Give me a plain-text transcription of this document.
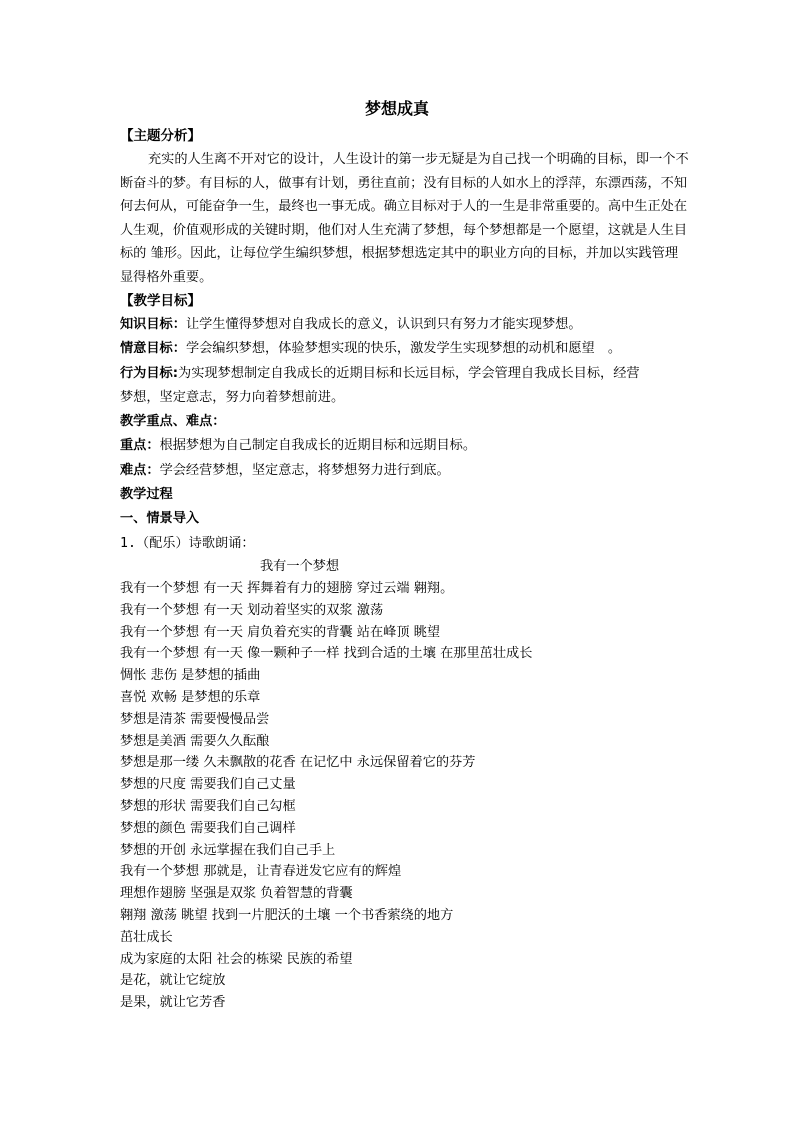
梦想成真

【主题分析】

充实的人生离不开对它的设计，人生设计的第一步无疑是为自己找一个明确的目标，即一个不断奋斗的梦。有目标的人，做事有计划，勇往直前；没有目标的人如水上的浮萍，东漂西荡，不知何去何从，可能奋争一生，最终也一事无成。确立目标对于人的一生是非常重要的。高中生正处在人生观，价值观形成的关键时期，他们对人生充满了梦想，每个梦想都是一个愿望，这就是人生目标的 雏形。因此，让每位学生编织梦想，根据梦想选定其中的职业方向的目标，并加以实践管理显得格外重要。

【教学目标】

知识目标：让学生懂得梦想对自我成长的意义，认识到只有努力才能实现梦想。

情意目标：学会编织梦想，体验梦想实现的快乐，激发学生实现梦想的动机和愿望　。

行为目标:为实现梦想制定自我成长的近期目标和长远目标，学会管理自我成长目标，经营

梦想，坚定意志，努力向着梦想前进。

教学重点、难点：

重点：根据梦想为自己制定自我成长的近期目标和远期目标。

难点：学会经营梦想，坚定意志，将梦想努力进行到底。

教学过程

一、情景导入

1.（配乐）诗歌朗诵：

我有一个梦想

我有一个梦想 有一天 挥舞着有力的翅膀 穿过云端 翱翔。

我有一个梦想 有一天 划动着坚实的双浆 激荡

我有一个梦想 有一天 肩负着充实的背囊 站在峰顶 眺望

我有一个梦想 有一天 像一颗种子一样 找到合适的土壤 在那里茁壮成长

惆怅 悲伤 是梦想的插曲

喜悦 欢畅 是梦想的乐章

梦想是清茶 需要慢慢品尝

梦想是美酒 需要久久酝酿

梦想是那一缕 久未飘散的花香 在记忆中 永远保留着它的芬芳

梦想的尺度 需要我们自己丈量

梦想的形状 需要我们自己勾框

梦想的颜色 需要我们自己调样

梦想的开创 永远掌握在我们自己手上

我有一个梦想 那就是，让青春迸发它应有的辉煌

理想作翅膀 坚强是双浆 负着智慧的背囊

翱翔 激荡 眺望 找到一片肥沃的土壤 一个书香萦绕的地方

茁壮成长

成为家庭的太阳 社会的栋梁 民族的希望

是花，就让它绽放

是果，就让它芳香
